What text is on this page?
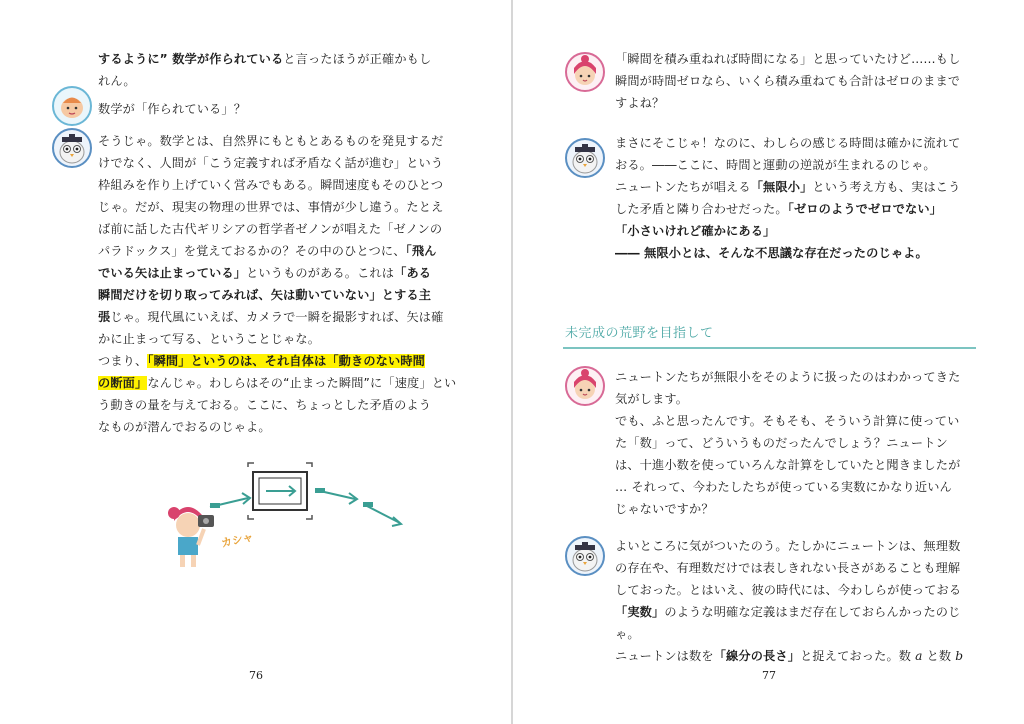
するように” 数学が作られていると言ったほうが正確かもし

れん。

数学が「作られている」？

そうじゃ。数学とは、自然界にもともとあるものを発見するだ

けでなく、人間が「こう定義すれば矛盾なく話が進む」という

枠組みを作り上げていく営みでもある。瞬間速度もそのひとつ

じゃ。だが、現実の物理の世界では、事情が少し違う。たとえ

ば前に話した古代ギリシアの哲学者ゼノンが唱えた「ゼノンの

パラドックス」を覚えておるかの？その中のひとつに、「飛ん

でいる矢は止まっている」というものがある。これは「ある

瞬間だけを切り取ってみれば、矢は動いていない」とする主

張じゃ。現代風にいえば、カメラで一瞬を撮影すれば、矢は確

かに止まって写る、ということじゃな。

つまり、「瞬間」というのは、それ自体は「動きのない時間

の断面」なんじゃ。わしらはその“止まった瞬間”に「速度」とい

う動きの量を与えておる。ここに、ちょっとした矛盾のよう

なものが潜んでおるのじゃよ。

カシャ
76

「瞬間を積み重ねれば時間になる」と思っていたけど……もし

瞬間が時間ゼロなら、いくら積み重ねても合計はゼロのままで

すよね？

まさにそこじゃ！なのに、わしらの感じる時間は確かに流れて

おる。――ここに、時間と運動の逆説が生まれるのじゃ。

ニュートンたちが唱える「無限小」という考え方も、実はこう

した矛盾と隣り合わせだった。「ゼロのようでゼロでない」

「小さいけれど確かにある」

―― 無限小とは、そんな不思議な存在だったのじゃよ。

未完成の荒野を目指して

ニュートンたちが無限小をそのように扱ったのはわかってきた

気がします。

でも、ふと思ったんです。そもそも、そういう計算に使ってい

た「数」って、どういうものだったんでしょう？ニュートン

は、十進小数を使っていろんな計算をしていたと聞きましたが

… それって、今わたしたちが使っている実数にかなり近いん

じゃないですか？

よいところに気がついたのう。たしかにニュートンは、無理数

の存在や、有理数だけでは表しきれない長さがあることも理解

しておった。とはいえ、彼の時代には、今わしらが使っておる

「実数」のような明確な定義はまだ存在しておらんかったのじ

ゃ。

ニュートンは数を「線分の長さ」と捉えておった。数 a と数 b

77
